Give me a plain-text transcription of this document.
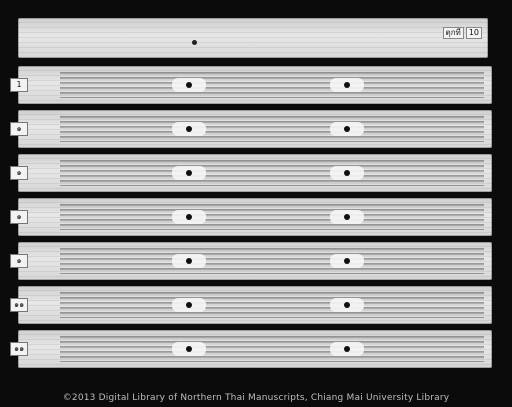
ตุกที	10
1
๑
๑
๑
๑
๑๑
๑๑
©2013 Digital Library of Northern Thai Manuscripts, Chiang Mai University Library
